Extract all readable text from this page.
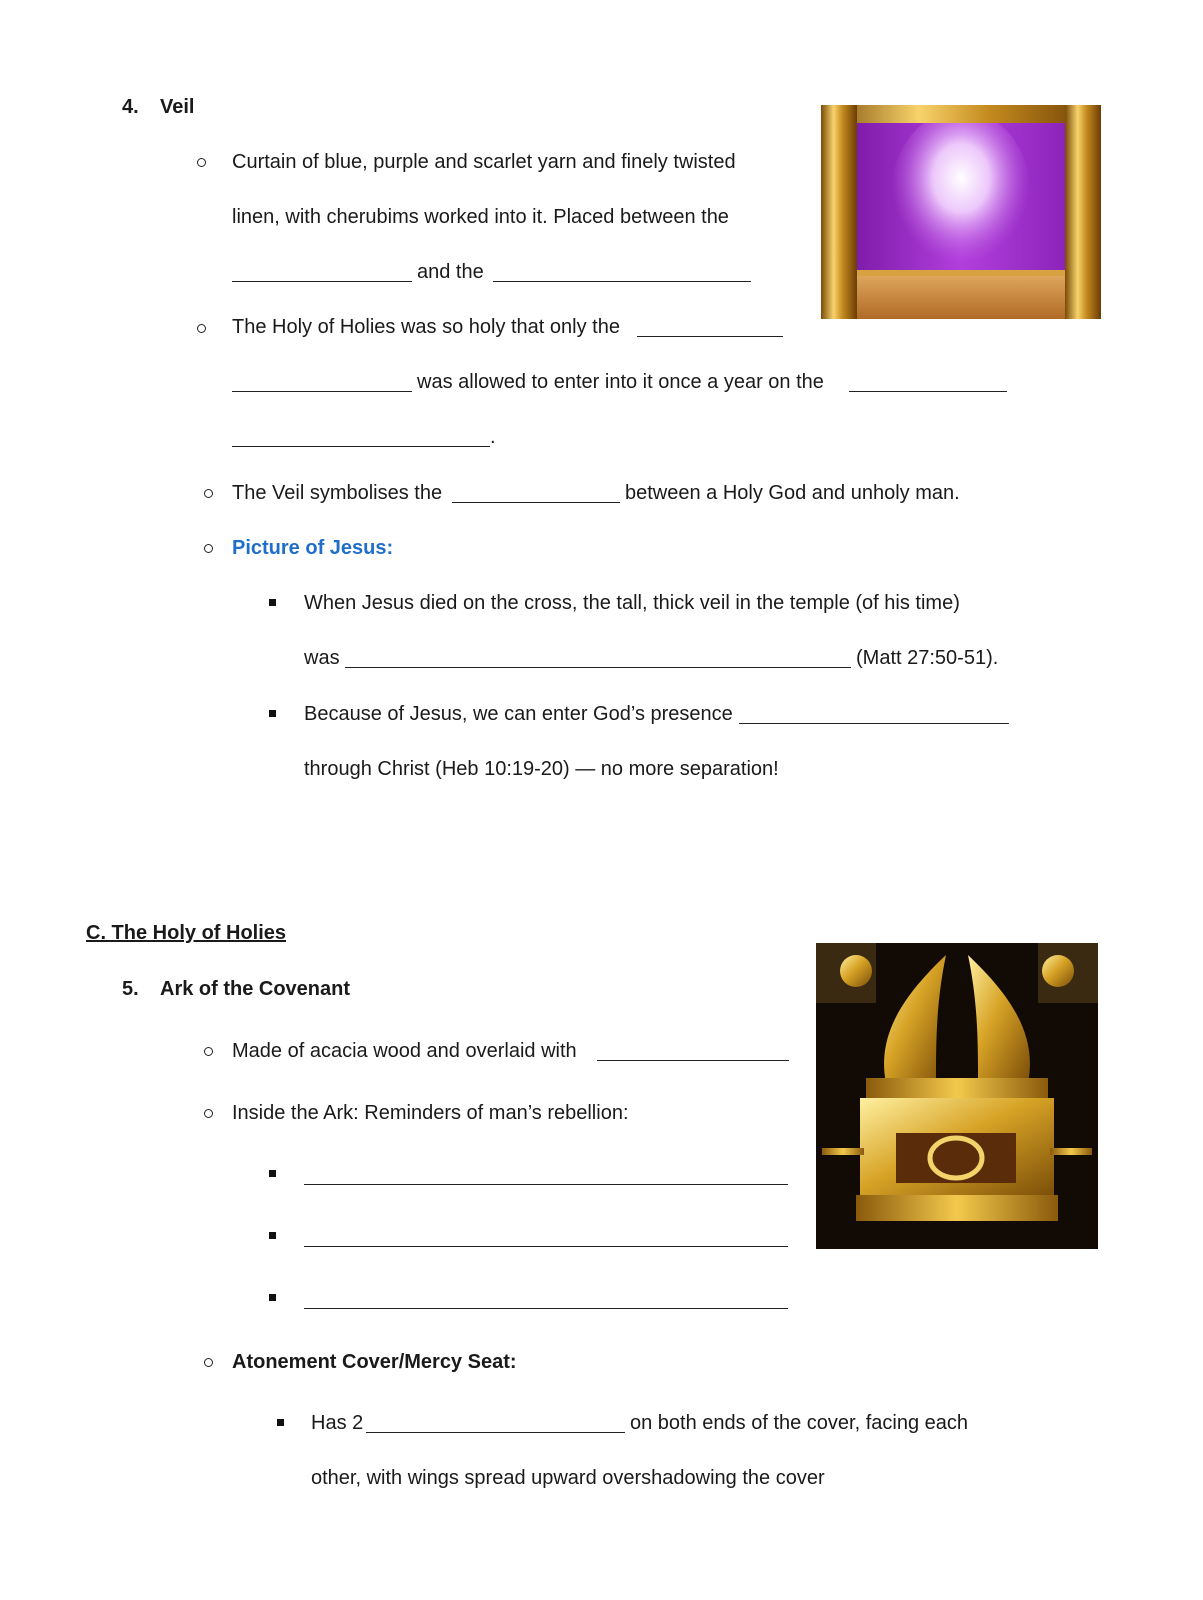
4. Veil
Curtain of blue, purple and scarlet yarn and finely twisted
linen, with cherubims worked into it. Placed between the
and the
The Holy of Holies was so holy that only the
was allowed to enter into it once a year on the
.
The Veil symbolises the	between a Holy God and unholy man.
Picture of Jesus:
When Jesus died on the cross, the tall, thick veil in the temple (of his time)
was	(Matt 27:50-51).
Because of Jesus, we can enter God’s presence
through Christ (Heb 10:19-20) — no more separation!
C. The Holy of Holies
5. Ark of the Covenant
Made of acacia wood and overlaid with
Inside the Ark: Reminders of man’s rebellion:
Atonement Cover/Mercy Seat:
Has 2	on both ends of the cover, facing each
other, with wings spread upward overshadowing the cover
